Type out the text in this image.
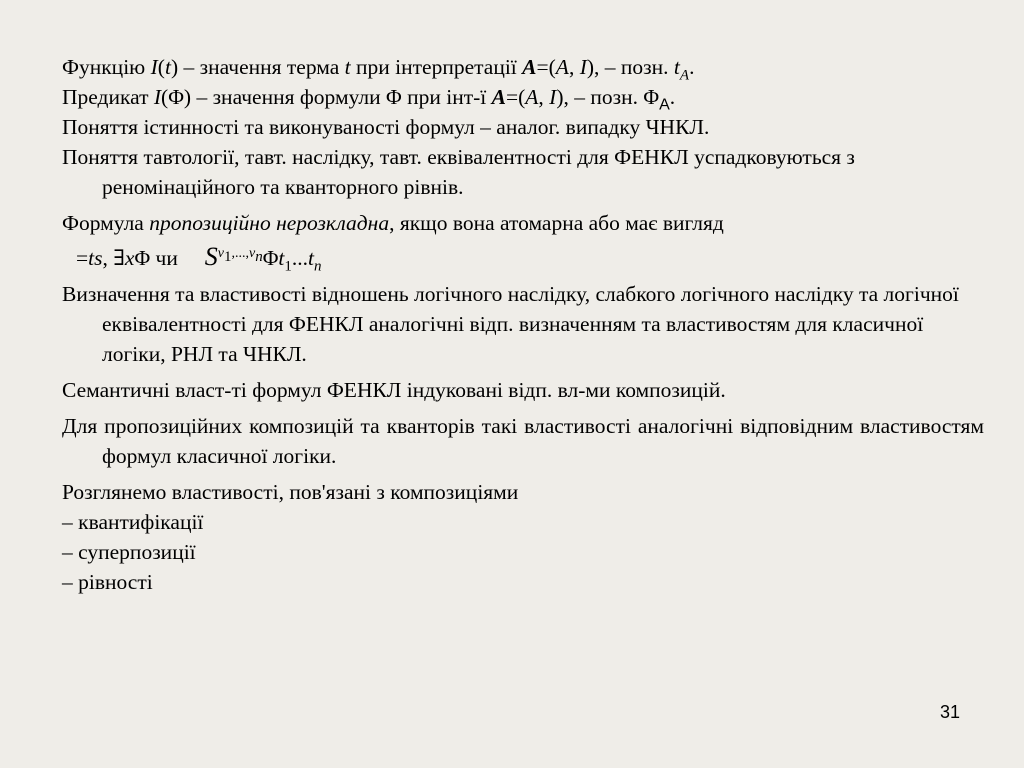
Функцію I(t) – значення терма t при інтерпретації A=(A, I), – позн. $t_A$.

Предикат I(Φ) – значення формули Φ при інт-ї A=(A, I), – позн. $\Phi_A$.

Поняття істинності та виконуваності формул – аналог. випадку ЧНКЛ.

Поняття тавтології, тавт. наслідку, тавт. еквівалентності для ФЕНКЛ успадковуються з реномінаційного та кванторного рівнів.

Формула пропозиційно нерозкладна, якщо вона атомарна або має вигляд

=ts, ∃xΦ чи $S^{v_1,...,v_n}\Phi t_1...t_n$

Визначення та властивості відношень логічного наслідку, слабкого логічного наслідку та логічної еквівалентності для ФЕНКЛ аналогічні відп. визначенням та властивостям для класичної логіки, РНЛ та ЧНКЛ.

Семантичні власт-ті формул ФЕНКЛ індуковані відп. вл-ми композицій.

Для пропозиційних композицій та кванторів такі властивості аналогічні відповідним властивостям формул класичної логіки.

Розглянемо властивості, пов'язані з композиціями

– квантифікації

– суперпозиції

– рівності

31
